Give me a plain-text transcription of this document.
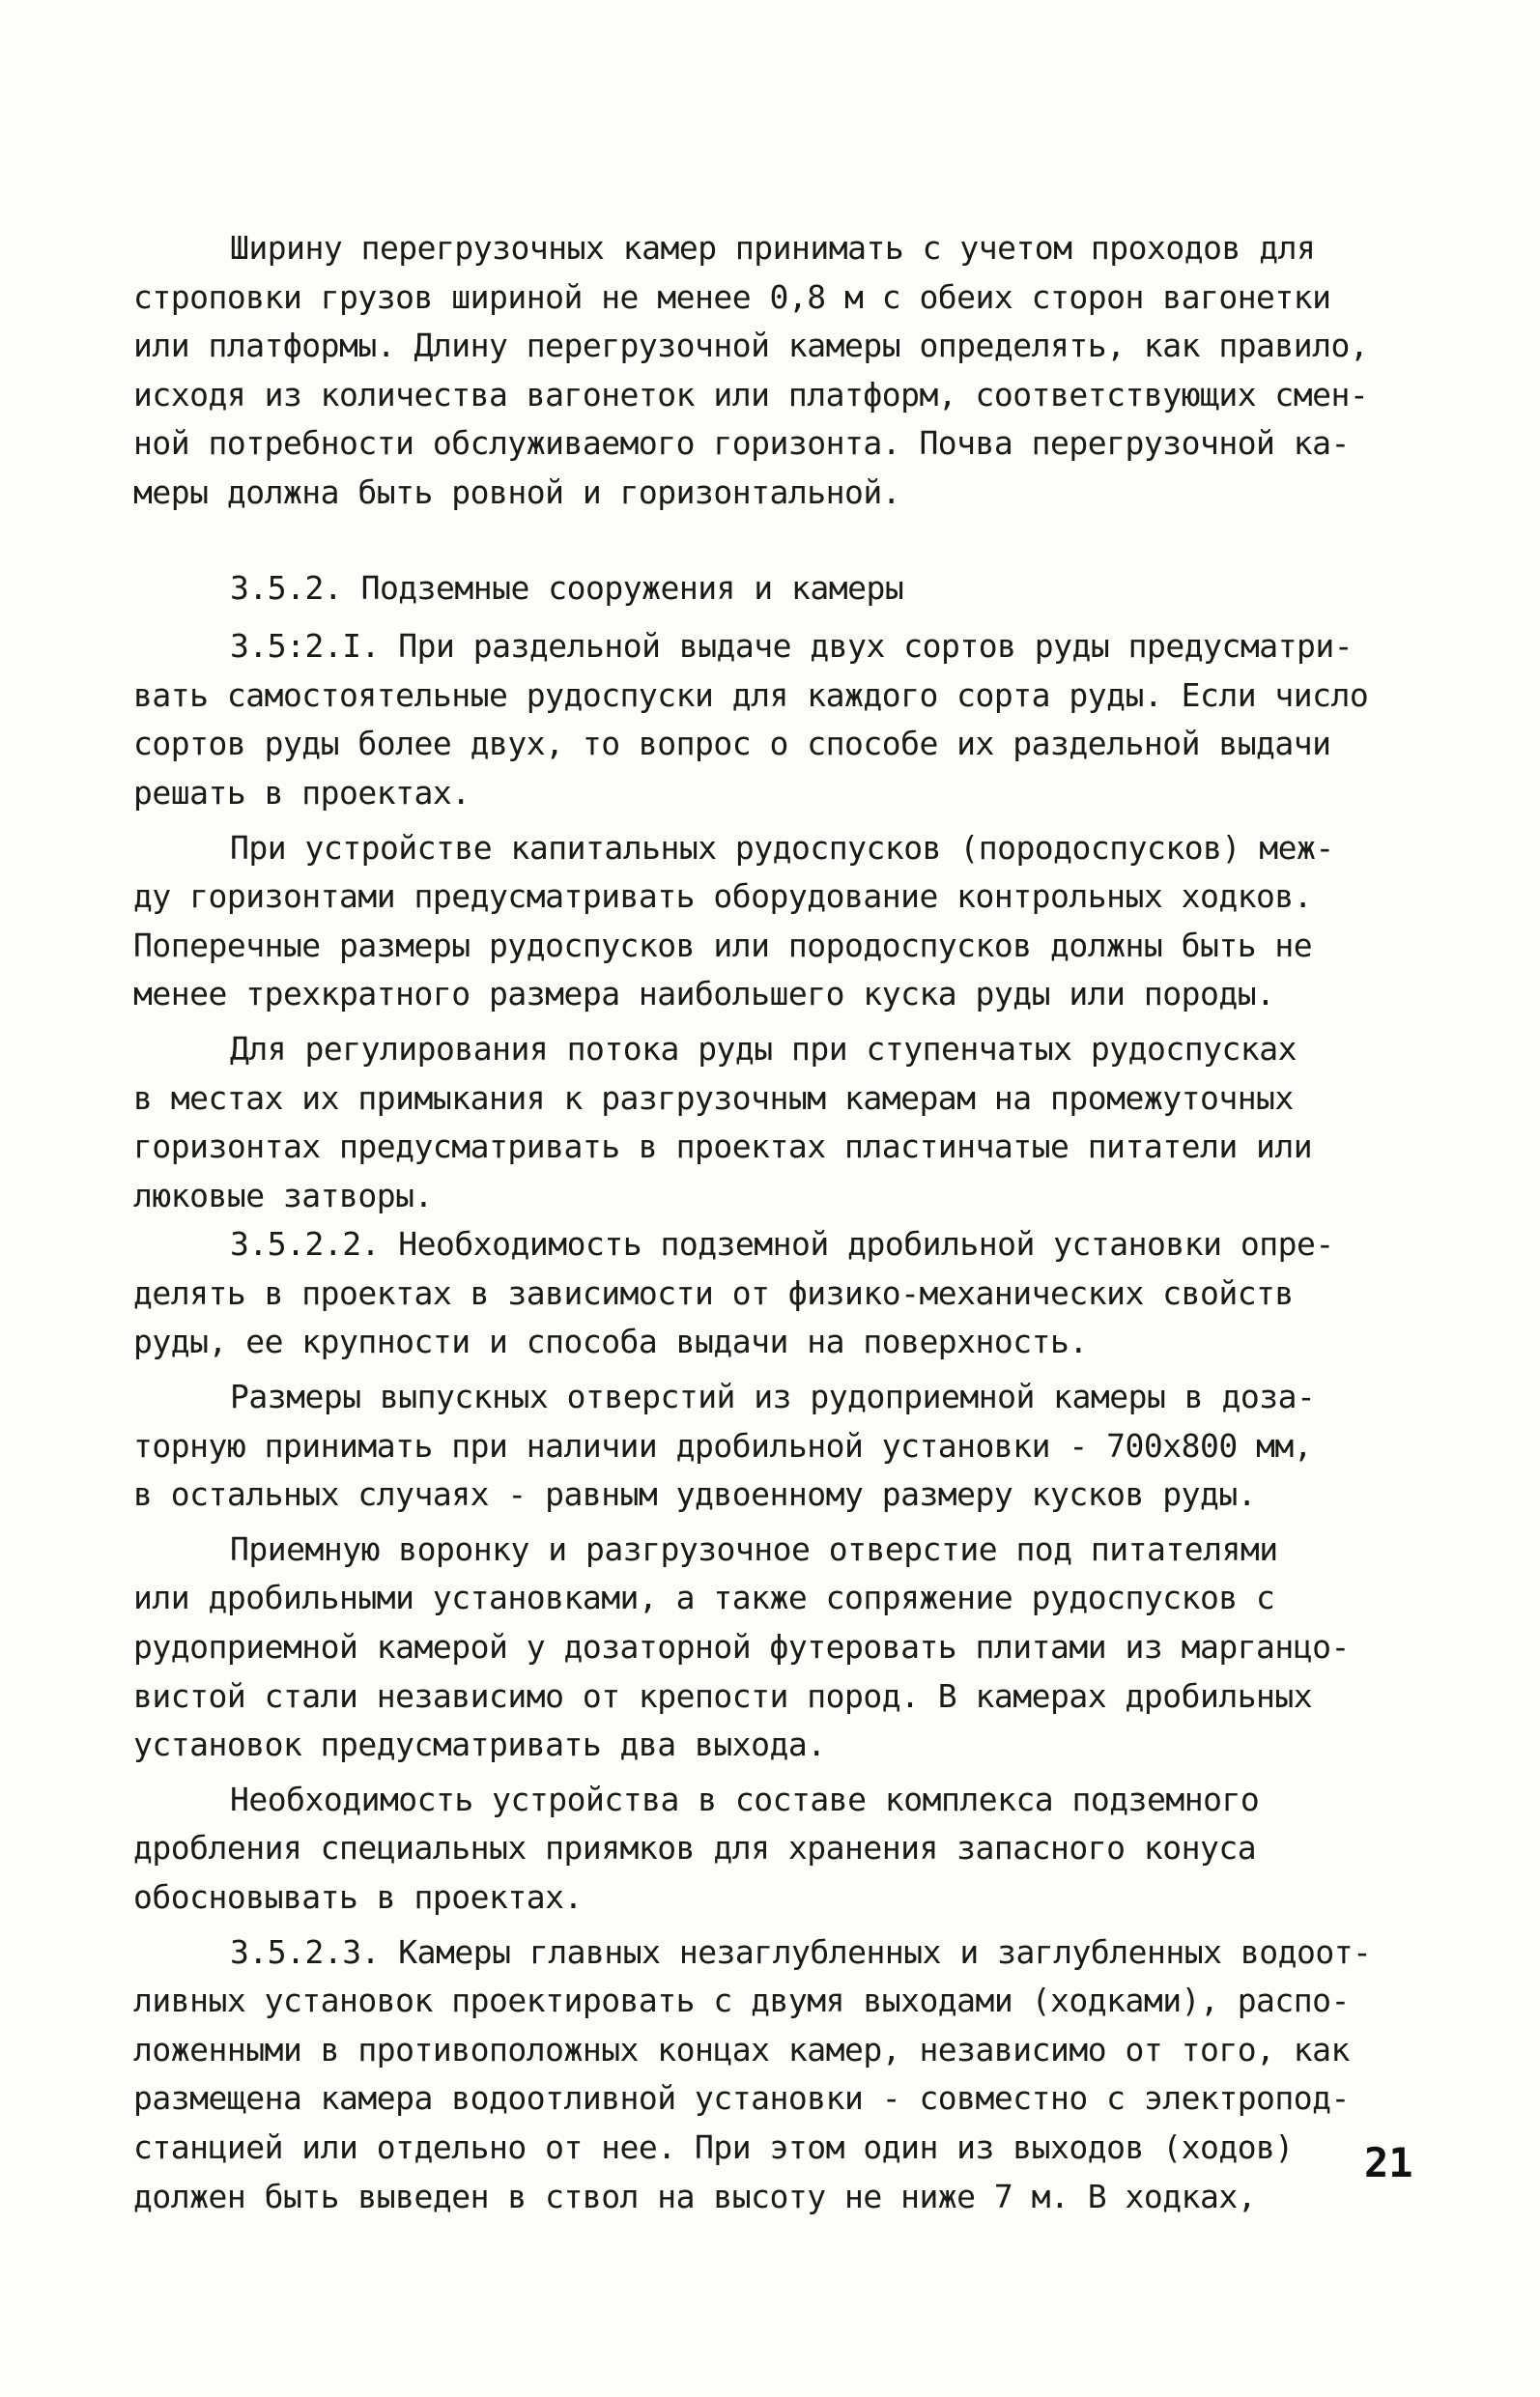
Ширину перегрузочных камер принимать с учетом проходов для
строповки грузов шириной не менее 0,8 м с обеих сторон вагонетки
или платформы. Длину перегрузочной камеры определять, как правило,
исходя из количества вагонеток или платформ, соответствующих смен-
ной потребности обслуживаемого горизонта. Почва перегрузочной ка-
меры должна быть ровной и горизонтальной.
3.5.2. Подземные сооружения и камеры
3.5:2.I. При раздельной выдаче двух сортов руды предусматри-
вать самостоятельные рудоспуски для каждого сорта руды. Если число
сортов руды более двух, то вопрос о способе их раздельной выдачи
решать в проектах.
При устройстве капитальных рудоспусков (породоспусков) меж-
ду горизонтами предусматривать оборудование контрольных ходков.
Поперечные размеры рудоспусков или породоспусков должны быть не
менее трехкратного размера наибольшего куска руды или породы.
Для регулирования потока руды при ступенчатых рудоспусках
в местах их примыкания к разгрузочным камерам на промежуточных
горизонтах предусматривать в проектах пластинчатые питатели или
люковые затворы.
3.5.2.2. Необходимость подземной дробильной установки опре-
делять в проектах в зависимости от физико-механических свойств
руды, ее крупности и способа выдачи на поверхность.
Размеры выпускных отверстий из рудоприемной камеры в доза-
торную принимать при наличии дробильной установки - 700х800 мм,
в остальных случаях - равным удвоенному размеру кусков руды.
Приемную воронку и разгрузочное отверстие под питателями
или дробильными установками, а также сопряжение рудоспусков с
рудоприемной камерой у дозаторной футеровать плитами из марганцо-
вистой стали независимо от крепости пород. В камерах дробильных
установок предусматривать два выхода.
Необходимость устройства в составе комплекса подземного
дробления специальных приямков для хранения запасного конуса
обосновывать в проектах.
3.5.2.3. Камеры главных незаглубленных и заглубленных водоот-
ливных установок проектировать с двумя выходами (ходками), распо-
ложенными в противоположных концах камер, независимо от того, как
размещена камера водоотливной установки - совместно с электропод-
станцией или отдельно от нее. При этом один из выходов (ходов)
должен быть выведен в ствол на высоту не ниже 7 м. В ходках,
21
